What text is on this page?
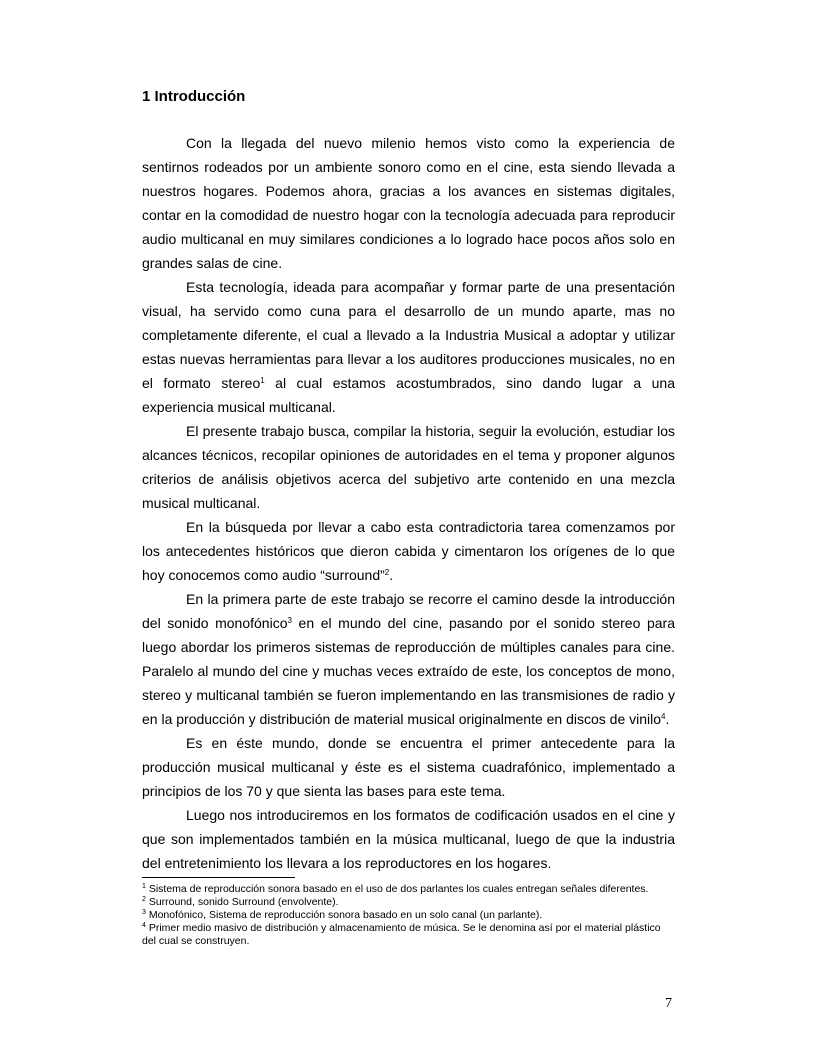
1 Introducción

Con la llegada del nuevo milenio hemos visto como la experiencia de sentirnos rodeados por un ambiente sonoro como en el cine, esta siendo llevada a nuestros hogares. Podemos ahora, gracias a los avances en sistemas digitales, contar en la comodidad de nuestro hogar con la tecnología adecuada para reproducir audio multicanal en muy similares condiciones a lo logrado hace pocos años solo en grandes salas de cine.

Esta tecnología, ideada para acompañar y formar parte de una presentación visual, ha servido como cuna para el desarrollo de un mundo aparte, mas no completamente diferente, el cual a llevado a la Industria Musical a adoptar y utilizar estas nuevas herramientas para llevar a los auditores producciones musicales, no en el formato stereo$^1$ al cual estamos acostumbrados, sino dando lugar a una experiencia musical multicanal.

El presente trabajo busca, compilar la historia, seguir la evolución, estudiar los alcances técnicos, recopilar opiniones de autoridades en el tema y proponer algunos criterios de análisis objetivos acerca del subjetivo arte contenido en una mezcla musical multicanal.

En la búsqueda por llevar a cabo esta contradictoria tarea comenzamos por los antecedentes históricos que dieron cabida y cimentaron los orígenes de lo que hoy conocemos como audio “surround”$^2$.

En la primera parte de este trabajo se recorre el camino desde la introducción del sonido monofónico$^3$ en el mundo del cine, pasando por el sonido stereo para luego abordar los primeros sistemas de reproducción de múltiples canales para cine. Paralelo al mundo del cine y muchas veces extraído de este, los conceptos de mono, stereo y multicanal también se fueron implementando en las transmisiones de radio y en la producción y distribución de material musical originalmente en discos de vinilo$^4$.

Es en éste mundo, donde se encuentra el primer antecedente para la producción musical multicanal y éste es el sistema cuadrafónico, implementado a principios de los 70 y que sienta las bases para este tema.

Luego nos introduciremos en los formatos de codificación usados en el cine y que son implementados también en la música multicanal, luego de que la industria del entretenimiento los llevara a los reproductores en los hogares.

$^1$ Sistema de reproducción sonora basado en el uso de dos parlantes los cuales entregan señales diferentes.

$^2$ Surround, sonido Surround (envolvente).

$^3$ Monofónico, Sistema de reproducción sonora basado en un solo canal (un parlante).

$^4$ Primer medio masivo de distribución y almacenamiento de música. Se le denomina así por el material plástico del cual se construyen.

7
